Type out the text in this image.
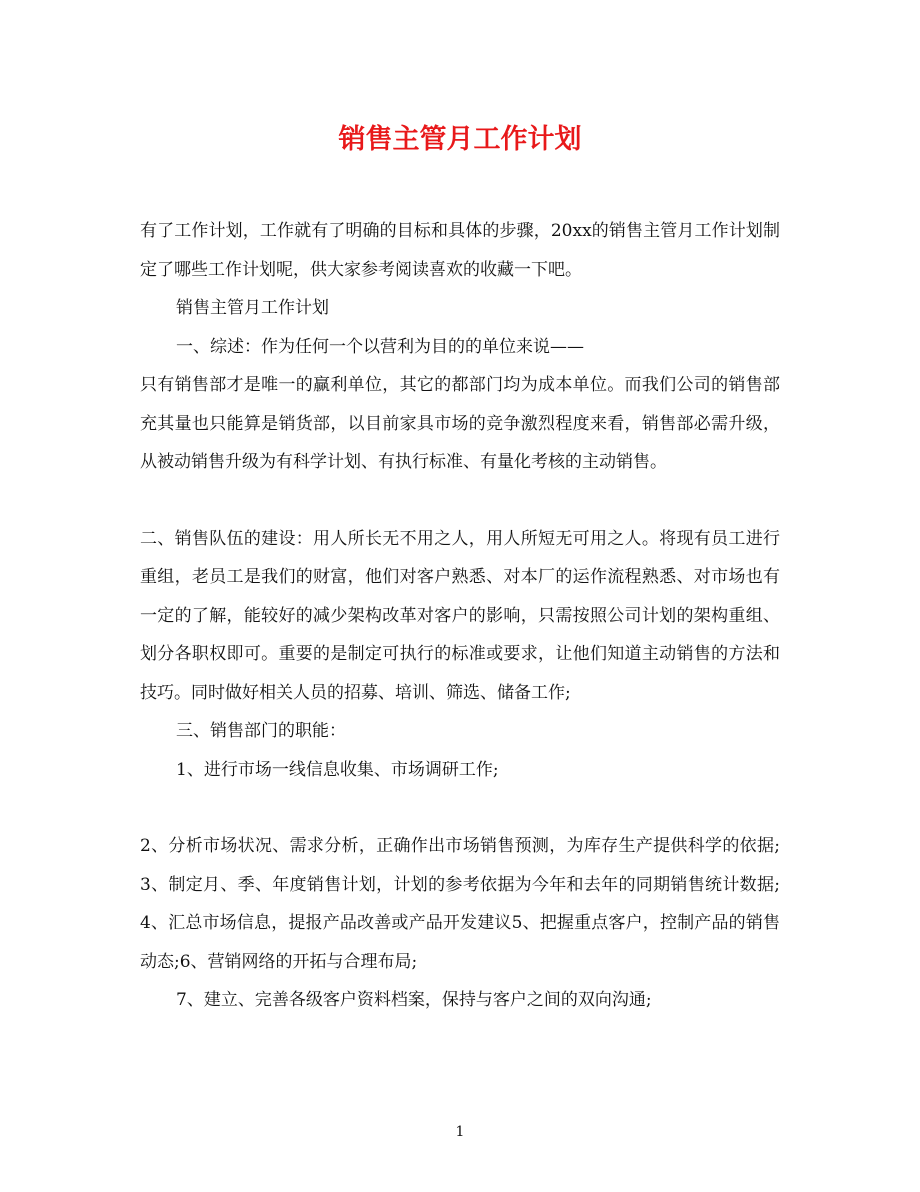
销售主管月工作计划

有了工作计划，工作就有了明确的目标和具体的步骤，20xx的销售主管月工作计划制定了哪些工作计划呢，供大家参考阅读喜欢的收藏一下吧。

销售主管月工作计划

一、综述：作为任何一个以营利为目的的单位来说——

只有销售部才是唯一的赢利单位，其它的都部门均为成本单位。而我们公司的销售部充其量也只能算是销货部，以目前家具市场的竞争激烈程度来看，销售部必需升级，从被动销售升级为有科学计划、有执行标准、有量化考核的主动销售。

二、销售队伍的建设：用人所长无不用之人，用人所短无可用之人。将现有员工进行重组，老员工是我们的财富，他们对客户熟悉、对本厂的运作流程熟悉、对市场也有一定的了解，能较好的减少架构改革对客户的影响，只需按照公司计划的架构重组、划分各职权即可。重要的是制定可执行的标准或要求，让他们知道主动销售的方法和技巧。同时做好相关人员的招募、培训、筛选、储备工作;

三、销售部门的职能：

1、进行市场一线信息收集、市场调研工作;

2、分析市场状况、需求分析，正确作出市场销售预测，为库存生产提供科学的依据;3、制定月、季、年度销售计划，计划的参考依据为今年和去年的同期销售统计数据;4、汇总市场信息，提报产品改善或产品开发建议5、把握重点客户，控制产品的销售动态;6、营销网络的开拓与合理布局;

7、建立、完善各级客户资料档案，保持与客户之间的双向沟通;

1
